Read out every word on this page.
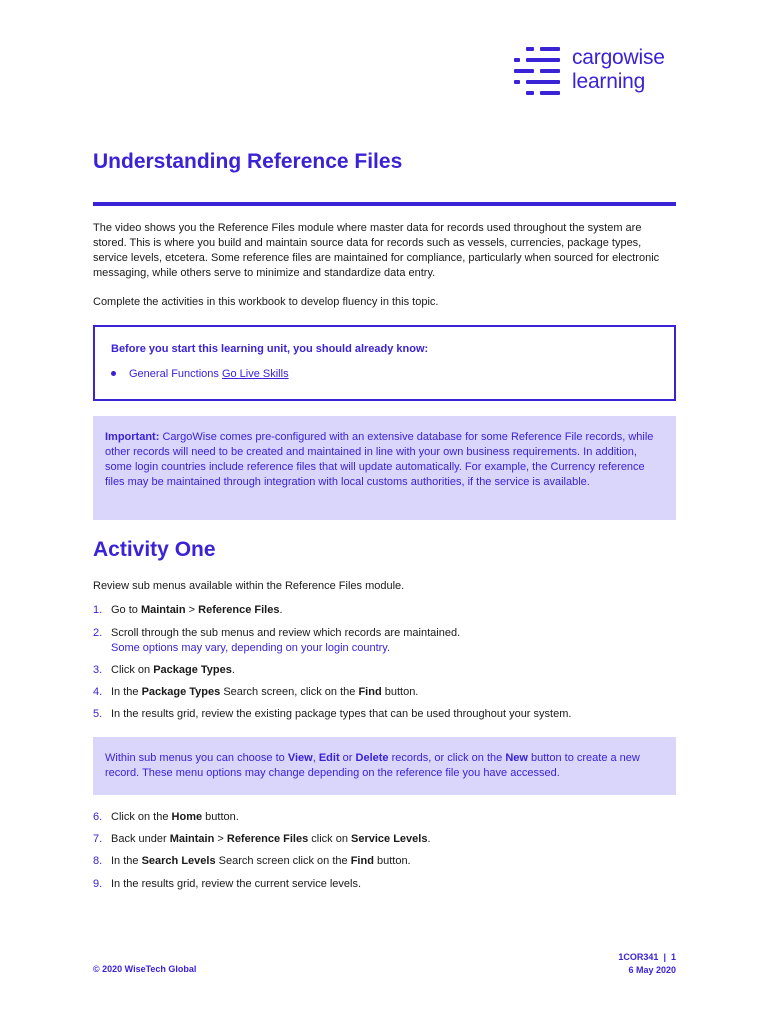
cargowise
learning
Understanding Reference Files

The video shows you the Reference Files module where master data for records used throughout the system are stored. This is where you build and maintain source data for records such as vessels, currencies, package types, service levels, etcetera. Some reference files are maintained for compliance, particularly when sourced for electronic messaging, while others serve to minimize and standardize data entry.

Complete the activities in this workbook to develop fluency in this topic.

Before you start this learning unit, you should already know:
General Functions Go Live Skills

Important: CargoWise comes pre-configured with an extensive database for some Reference File records, while other records will need to be created and maintained in line with your own business requirements. In addition, some login countries include reference files that will update automatically. For example, the Currency reference files may be maintained through integration with local customs authorities, if the service is available.

Activity One

Review sub menus available within the Reference Files module.

1. Go to Maintain > Reference Files.
2. Scroll through the sub menus and review which records are maintained.
Some options may vary, depending on your login country.
3. Click on Package Types.
4. In the Package Types Search screen, click on the Find button.
5. In the results grid, review the existing package types that can be used throughout your system.

Within sub menus you can choose to View, Edit or Delete records, or click on the New button to create a new record. These menu options may change depending on the reference file you have accessed.

6. Click on the Home button.
7. Back under Maintain > Reference Files click on Service Levels.
8. In the Search Levels Search screen click on the Find button.
9. In the results grid, review the current service levels.
© 2020 WiseTech Global
1COR341 | 1
6 May 2020
